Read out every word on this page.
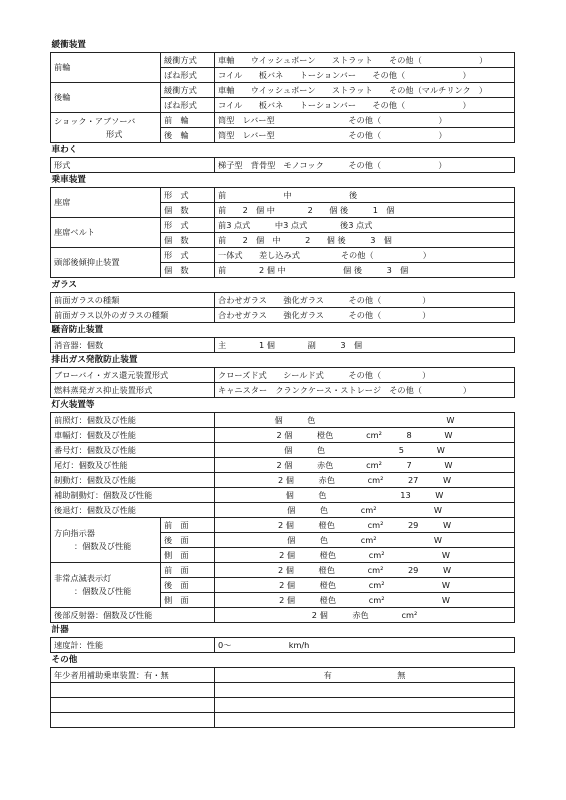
緩衝装置		
前輪	緩衝方式	車軸　　ウイッシュボーン　　ストラット　　その他（　　　　　　　）
	ばね形式	コイル　　板バネ　　トーションバー　　その他（　　　　　　　）
後輪	緩衝方式	車軸　　ウイッシュボーン　　ストラット　　その他（マルチリンク　）
	ばね形式	コイル　　板バネ　　トーションバー　　その他（　　　　　　　）
ショック・アブソーバ
形式	前　輪	筒型　レバー型　　　　　　　　　その他（　　　　　　　）
	後　輪	筒型　レバー型　　　　　　　　　その他（　　　　　　　）
車わく		
形式		梯子型　背骨型　モノコック　　　その他（　　　　　　　）
乗車装置		
座席	形　式	前　　　　　　　中　　　　　　　後
	個　数	前　　2　個 中　　　　2　　個 後　　　1　個
座席ベルト	形　式	前3 点式　　　中3 点式　　　　後3 点式
	個　数	前　　2　個　中　　　2　　個 後　　　3　個
頭部後傾抑止装置	形　式	一体式　　差し込み式　　　　　その他（　　　　　　）
	個　数	前　　　　2 個 中　　　　　　　個 後　　　3　個
ガラス		
前面ガラスの種類		合わせガラス　　強化ガラス　　　その他（　　　　　）
前面ガラス以外のガラスの種類		合わせガラス　　強化ガラス　　　その他（　　　　　）
騒音防止装置		
消音器：個数		主　　　　1 個　　　　副　　　3　個
排出ガス発散防止装置		
ブローバイ・ガス還元装置形式		クローズド式　　シールド式　　　その他（　　　　　）
燃料蒸発ガス抑止装置形式		キャニスター　クランクケース・ストレージ　その他（　　　　　）
灯火装置等		
前照灯：個数及び性能		個　　　色　　　　　　　　　　　　　　　　W
車幅灯：個数及び性能		2 個　　　橙色　　　　cm²　　　8　　　　W
番号灯：個数及び性能		個　　　色　　　　　　　　　5　　　　W
尾灯：個数及び性能		2 個　　　赤色　　　　cm²　　　7　　　　W
制動灯：個数及び性能		2 個　　　赤色　　　　cm²　　　27　　　W
補助制動灯：個数及び性能		個　　　色　　　　　　　　　13　　　W
後退灯：個数及び性能		個　　　色　　　　cm²　　　　　　　W
方向指示器
：個数及び性能	前　面	2 個　　　橙色　　　　cm²　　　29　　　W
	後　面	個　　　色　　　　cm²　　　　　　　W
	側　面	2 個　　　橙色　　　　cm²　　　　　　　W
非常点滅表示灯
：個数及び性能	前　面	2 個　　　橙色　　　　cm²　　　29　　　W
	後　面	2 個　　　橙色　　　　cm²　　　　　　　W
	側　面	2 個　　　橙色　　　　cm²　　　　　　　W
後部反射器：個数及び性能		2 個　　　赤色　　　　cm²
計器		
速度計：性能		0～　　　　　　　km/h
その他		
年少者用補助乗車装置：有・無		有　　　　　　　　無
